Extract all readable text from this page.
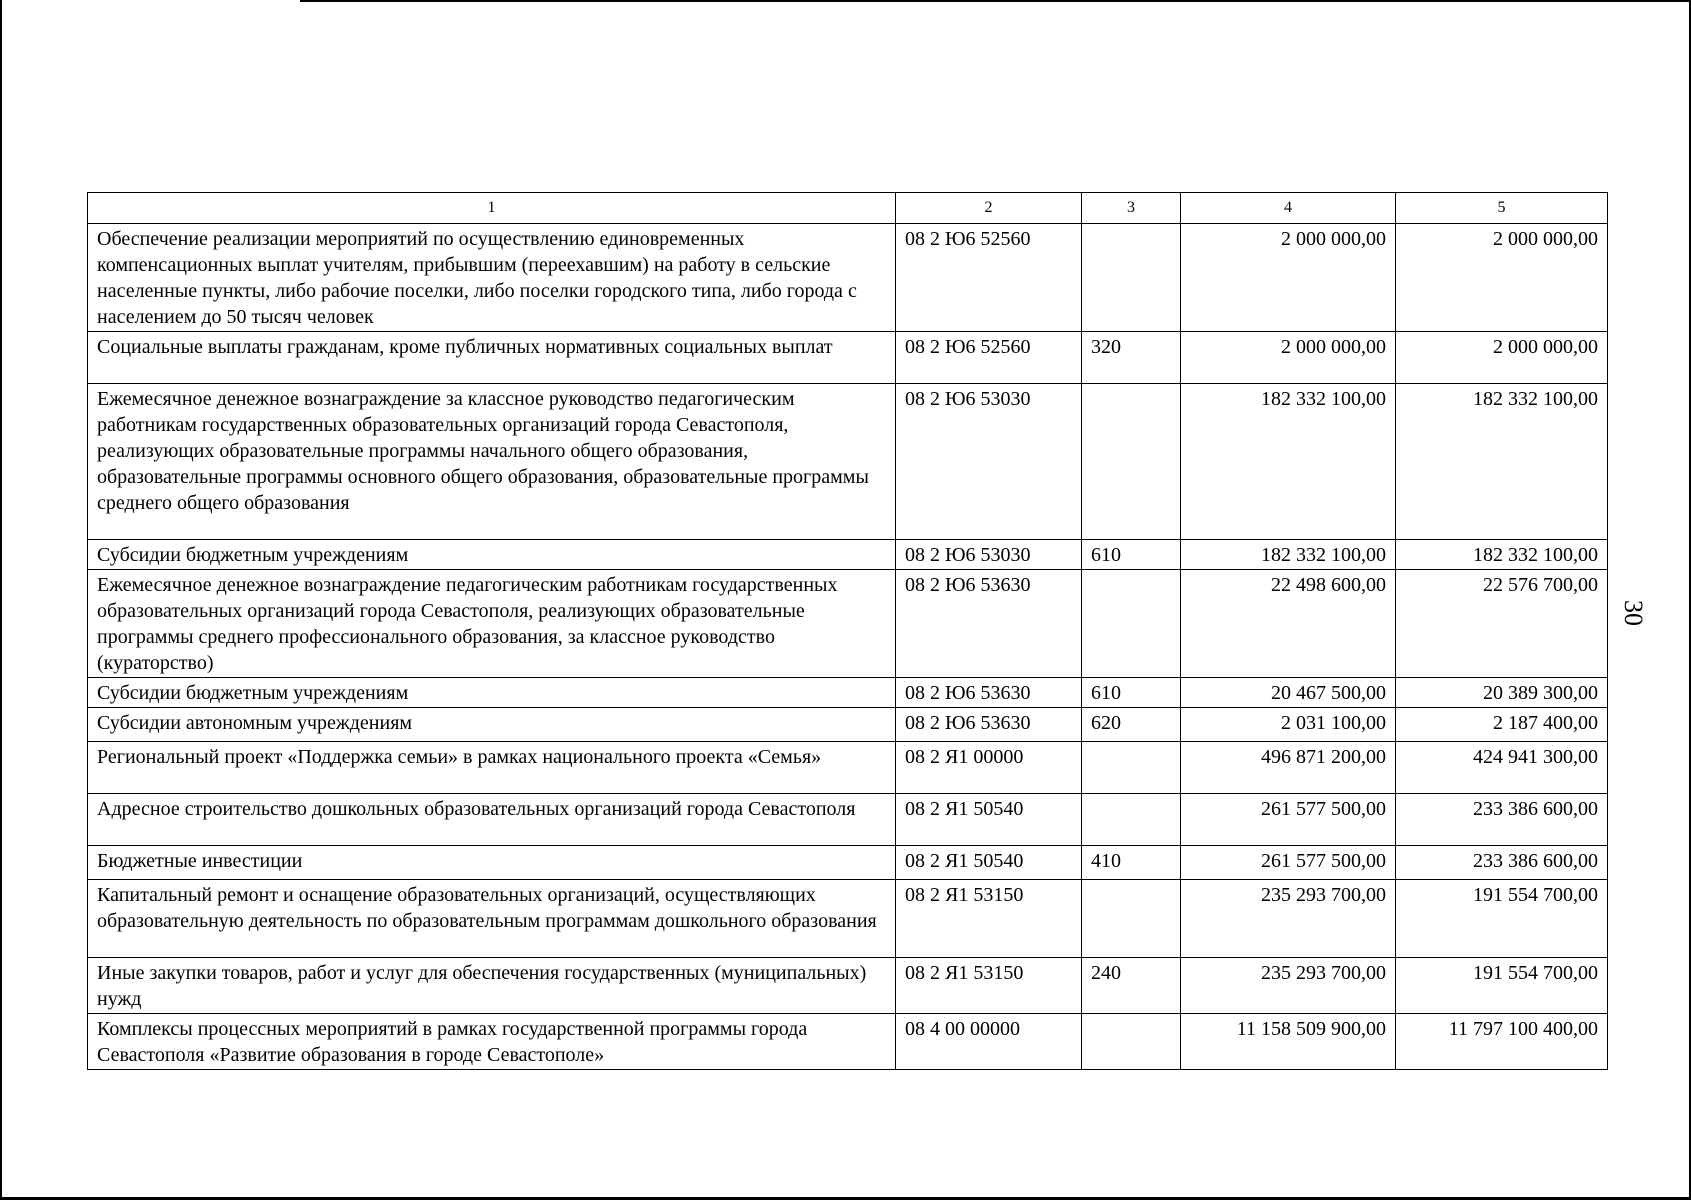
1	2	3	4	5
Обеспечение реализации мероприятий по осуществлению единовременных компенсационных выплат учителям, прибывшим (переехавшим) на работу в сельские населенные пункты, либо рабочие поселки, либо поселки городского типа, либо города с населением до 50 тысяч человек	08 2 Ю6 52560		2 000 000,00	2 000 000,00
Социальные выплаты гражданам, кроме публичных нормативных социальных выплат	08 2 Ю6 52560	320	2 000 000,00	2 000 000,00
Ежемесячное денежное вознаграждение за классное руководство педагогическим работникам государственных образовательных организаций города Севастополя, реализующих образовательные программы начального общего образования, образовательные программы основного общего образования, образовательные программы среднего общего образования	08 2 Ю6 53030		182 332 100,00	182 332 100,00
Субсидии бюджетным учреждениям	08 2 Ю6 53030	610	182 332 100,00	182 332 100,00
Ежемесячное денежное вознаграждение педагогическим работникам государственных образовательных организаций города Севастополя, реализующих образовательные программы среднего профессионального образования, за классное руководство (кураторство)	08 2 Ю6 53630		22 498 600,00	22 576 700,00
Субсидии бюджетным учреждениям	08 2 Ю6 53630	610	20 467 500,00	20 389 300,00
Субсидии автономным учреждениям	08 2 Ю6 53630	620	2 031 100,00	2 187 400,00
Региональный проект «Поддержка семьи» в рамках национального проекта «Семья»	08 2 Я1 00000		496 871 200,00	424 941 300,00
Адресное строительство дошкольных образовательных организаций города Севастополя	08 2 Я1 50540		261 577 500,00	233 386 600,00
Бюджетные инвестиции	08 2 Я1 50540	410	261 577 500,00	233 386 600,00
Капитальный ремонт и оснащение образовательных организаций, осуществляющих образовательную деятельность по образовательным программам дошкольного образования	08 2 Я1 53150		235 293 700,00	191 554 700,00
Иные закупки товаров, работ и услуг для обеспечения государственных (муниципальных) нужд	08 2 Я1 53150	240	235 293 700,00	191 554 700,00
Комплексы процессных мероприятий в рамках государственной программы города Севастополя «Развитие образования в городе Севастополе»	08 4 00 00000		11 158 509 900,00	11 797 100 400,00
30
